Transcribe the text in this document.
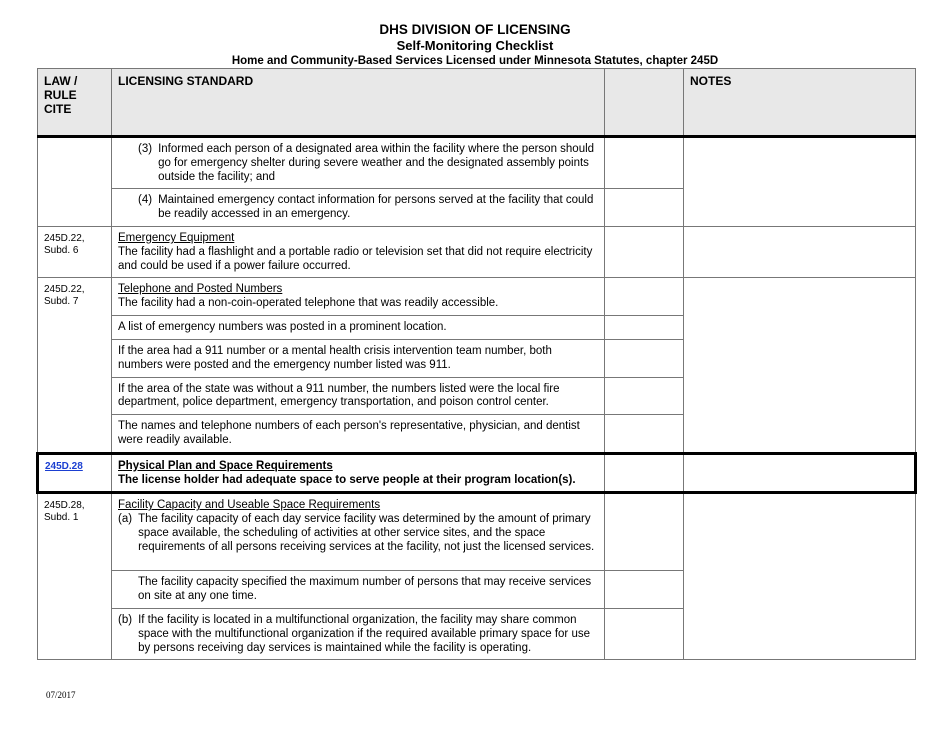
DHS DIVISION OF LICENSING
Self-Monitoring Checklist
Home and Community-Based Services Licensed under Minnesota Statutes, chapter 245D
LAW / RULE CITE	LICENSING STANDARD		NOTES

	(3) Informed each person of a designated area within the facility where the person should go for emergency shelter during severe weather and the designated assembly points outside the facility; and		

	(4) Maintained emergency contact information for persons served at the facility that could be readily accessed in an emergency.		

245D.22, Subd. 6	Emergency Equipment
The facility had a flashlight and a portable radio or television set that did not require electricity and could be used if a power failure occurred.		

245D.22, Subd. 7	Telephone and Posted Numbers
The facility had a non-coin-operated telephone that was readily accessible.		

	A list of emergency numbers was posted in a prominent location.		

	If the area had a 911 number or a mental health crisis intervention team number, both numbers were posted and the emergency number listed was 911.		

	If the area of the state was without a 911 number, the numbers listed were the local fire department, police department, emergency transportation, and poison control center.		

	The names and telephone numbers of each person's representative, physician, and dentist were readily available.		

245D.28	Physical Plan and Space Requirements
The license holder had adequate space to serve people at their program location(s).		

245D.28, Subd. 1	Facility Capacity and Useable Space Requirements
(a) The facility capacity of each day service facility was determined by the amount of primary space available, the scheduling of activities at other service sites, and the space requirements of all persons receiving services at the facility, not just the licensed services.		

	The facility capacity specified the maximum number of persons that may receive services on site at any one time.		

	(b) If the facility is located in a multifunctional organization, the facility may share common space with the multifunctional organization if the required available primary space for use by persons receiving day services is maintained while the facility is operating.		

07/2017
